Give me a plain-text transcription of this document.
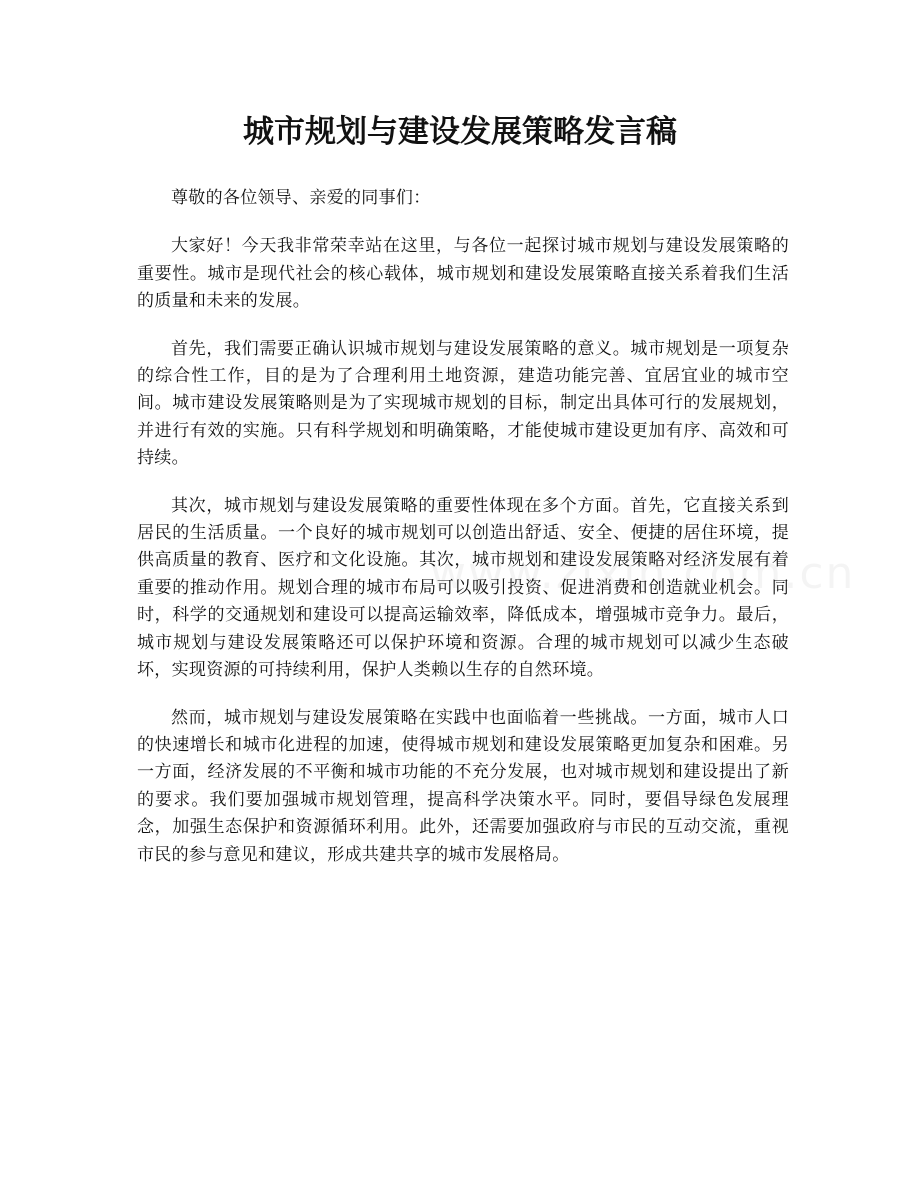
城市规划与建设发展策略发言稿

尊敬的各位领导、亲爱的同事们：

大家好！今天我非常荣幸站在这里，与各位一起探讨城市规划与建设发展策略的重要性。城市是现代社会的核心载体，城市规划和建设发展策略直接关系着我们生活的质量和未来的发展。

首先，我们需要正确认识城市规划与建设发展策略的意义。城市规划是一项复杂的综合性工作，目的是为了合理利用土地资源，建造功能完善、宜居宜业的城市空间。城市建设发展策略则是为了实现城市规划的目标，制定出具体可行的发展规划，并进行有效的实施。只有科学规划和明确策略，才能使城市建设更加有序、高效和可持续。

其次，城市规划与建设发展策略的重要性体现在多个方面。首先，它直接关系到居民的生活质量。一个良好的城市规划可以创造出舒适、安全、便捷的居住环境，提供高质量的教育、医疗和文化设施。其次，城市规划和建设发展策略对经济发展有着重要的推动作用。规划合理的城市布局可以吸引投资、促进消费和创造就业机会。同时，科学的交通规划和建设可以提高运输效率，降低成本，增强城市竞争力。最后，城市规划与建设发展策略还可以保护环境和资源。合理的城市规划可以减少生态破坏，实现资源的可持续利用，保护人类赖以生存的自然环境。

然而，城市规划与建设发展策略在实践中也面临着一些挑战。一方面，城市人口的快速增长和城市化进程的加速，使得城市规划和建设发展策略更加复杂和困难。另一方面，经济发展的不平衡和城市功能的不充分发展，也对城市规划和建设提出了新的要求。我们要加强城市规划管理，提高科学决策水平。同时，要倡导绿色发展理念，加强生态保护和资源循环利用。此外，还需要加强政府与市民的互动交流，重视市民的参与意见和建议，形成共建共享的城市发展格局。
